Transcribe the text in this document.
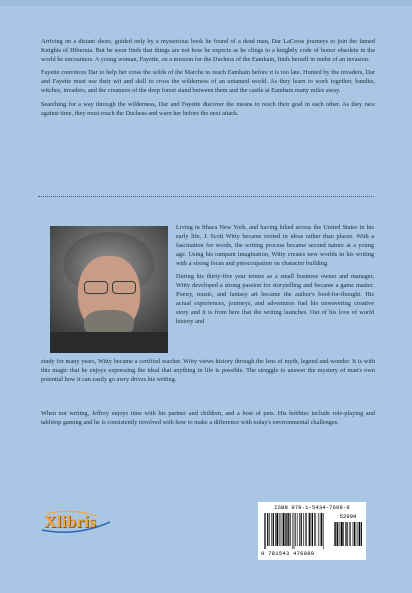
Arriving on a distant shore, guided only by a mysterious book he found of a dead man, Dar LaCross journeys to join the famed Knights of Hibernia. But he soon finds that things are not how he expects as he clings to a knightly code of honor obsolete in the world he encounters. A young woman, Fayette, on a mission for the Duchess of the Eamhain, finds herself in midst of an invasion.

Fayette convinces Dar to help her cross the wilds of the Marche to reach Eamhain before it is too late. Hunted by the invaders, Dar and Fayette must use their wit and skill to cross the wilderness of an untamed world. As they learn to work together, bandits, witches, invaders, and the creatures of the deep forest stand between them and the castle at Eamhain many miles away.

Searching for a way through the wilderness, Dar and Fayette discover the means to reach their goal in each other. As they race against time, they must reach the Duchess and warn her before the next attack.

Living in Ithaca New York, and having hiked across the United States in his early life, J. Scott Witty became rooted in ideas rather than places. With a fascination for words, the writing process became second nature at a young age. Using his rampant imagination, Witty creates new worlds in his writing with a strong focus and preoccupation on character building.

During his thirty-five year tenure as a small business owner and manager, Witty developed a strong passion for storytelling and became a game master. Poetry, music, and fantasy art became the author's food-for-thought. His actual experiences, journeys, and adventures fuel his unwavering creative story and it is from here that the writing launches. Out of his love of world history and

study for many years, Witty became a certified teacher. Witty views history through the lens of myth, legend and wonder. It is with this magic that he enjoys expressing the ideal that anything in life is possible. The struggle to answer the mystery of man's own potential how it can easily go awry drives his writing.

When not writing, Jeffrey enjoys time with his partner and children, and a host of pets. His hobbies include role-playing and tabletop gaming and he is consistently involved with how to make a difference with today's environmental challenges.

Xlibris
ISBN 978-1-5434-7698-9
52999
9 781543 476989
